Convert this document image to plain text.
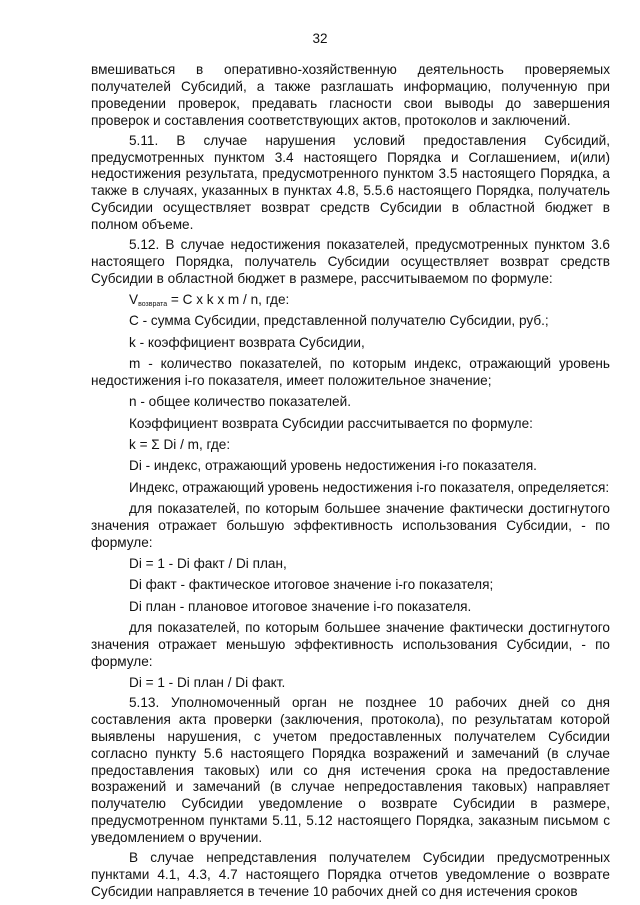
32

вмешиваться в оперативно-хозяйственную деятельность проверяемых получателей Субсидий, а также разглашать информацию, полученную при проведении проверок, предавать гласности свои выводы до завершения проверок и составления соответствующих актов, протоколов и заключений.

5.11. В случае нарушения условий предоставления Субсидий, предусмотренных пунктом 3.4 настоящего Порядка и Соглашением, и(или) недостижения результата, предусмотренного пунктом 3.5 настоящего Порядка, а также в случаях, указанных в пунктах 4.8, 5.5.6 настоящего Порядка, получатель Субсидии осуществляет возврат средств Субсидии в областной бюджет в полном объеме.

5.12. В случае недостижения показателей, предусмотренных пунктом 3.6 настоящего Порядка, получатель Субсидии осуществляет возврат средств Субсидии в областной бюджет в размере, рассчитываемом по формуле:

$V_{возврата} = C$ x k x m / n, где:

C - сумма Субсидии, представленной получателю Субсидии, руб.;

k - коэффициент возврата Субсидии,

m - количество показателей, по которым индекс, отражающий уровень недостижения i-го показателя, имеет положительное значение;

n - общее количество показателей.

Коэффициент возврата Субсидии рассчитывается по формуле:

k = Σ Di / m, где:

Di - индекс, отражающий уровень недостижения i-го показателя.

Индекс, отражающий уровень недостижения i-го показателя, определяется:

для показателей, по которым большее значение фактически достигнутого значения отражает большую эффективность использования Субсидии, - по формуле:

Di = 1 - Di факт / Di план,

Di факт - фактическое итоговое значение i-го показателя;

Di план - плановое итоговое значение i-го показателя.

для показателей, по которым большее значение фактически достигнутого значения отражает меньшую эффективность использования Субсидии, - по формуле:

Di = 1 - Di план / Di факт.

5.13. Уполномоченный орган не позднее 10 рабочих дней со дня составления акта проверки (заключения, протокола), по результатам которой выявлены нарушения, с учетом предоставленных получателем Субсидии согласно пункту 5.6 настоящего Порядка возражений и замечаний (в случае предоставления таковых) или со дня истечения срока на предоставление возражений и замечаний (в случае непредоставления таковых) направляет получателю Субсидии уведомление о возврате Субсидии в размере, предусмотренном пунктами 5.11, 5.12 настоящего Порядка, заказным письмом с уведомлением о вручении.

В случае непредставления получателем Субсидии предусмотренных пунктами 4.1, 4.3, 4.7 настоящего Порядка отчетов уведомление о возврате Субсидии направляется в течение 10 рабочих дней со дня истечения сроков
